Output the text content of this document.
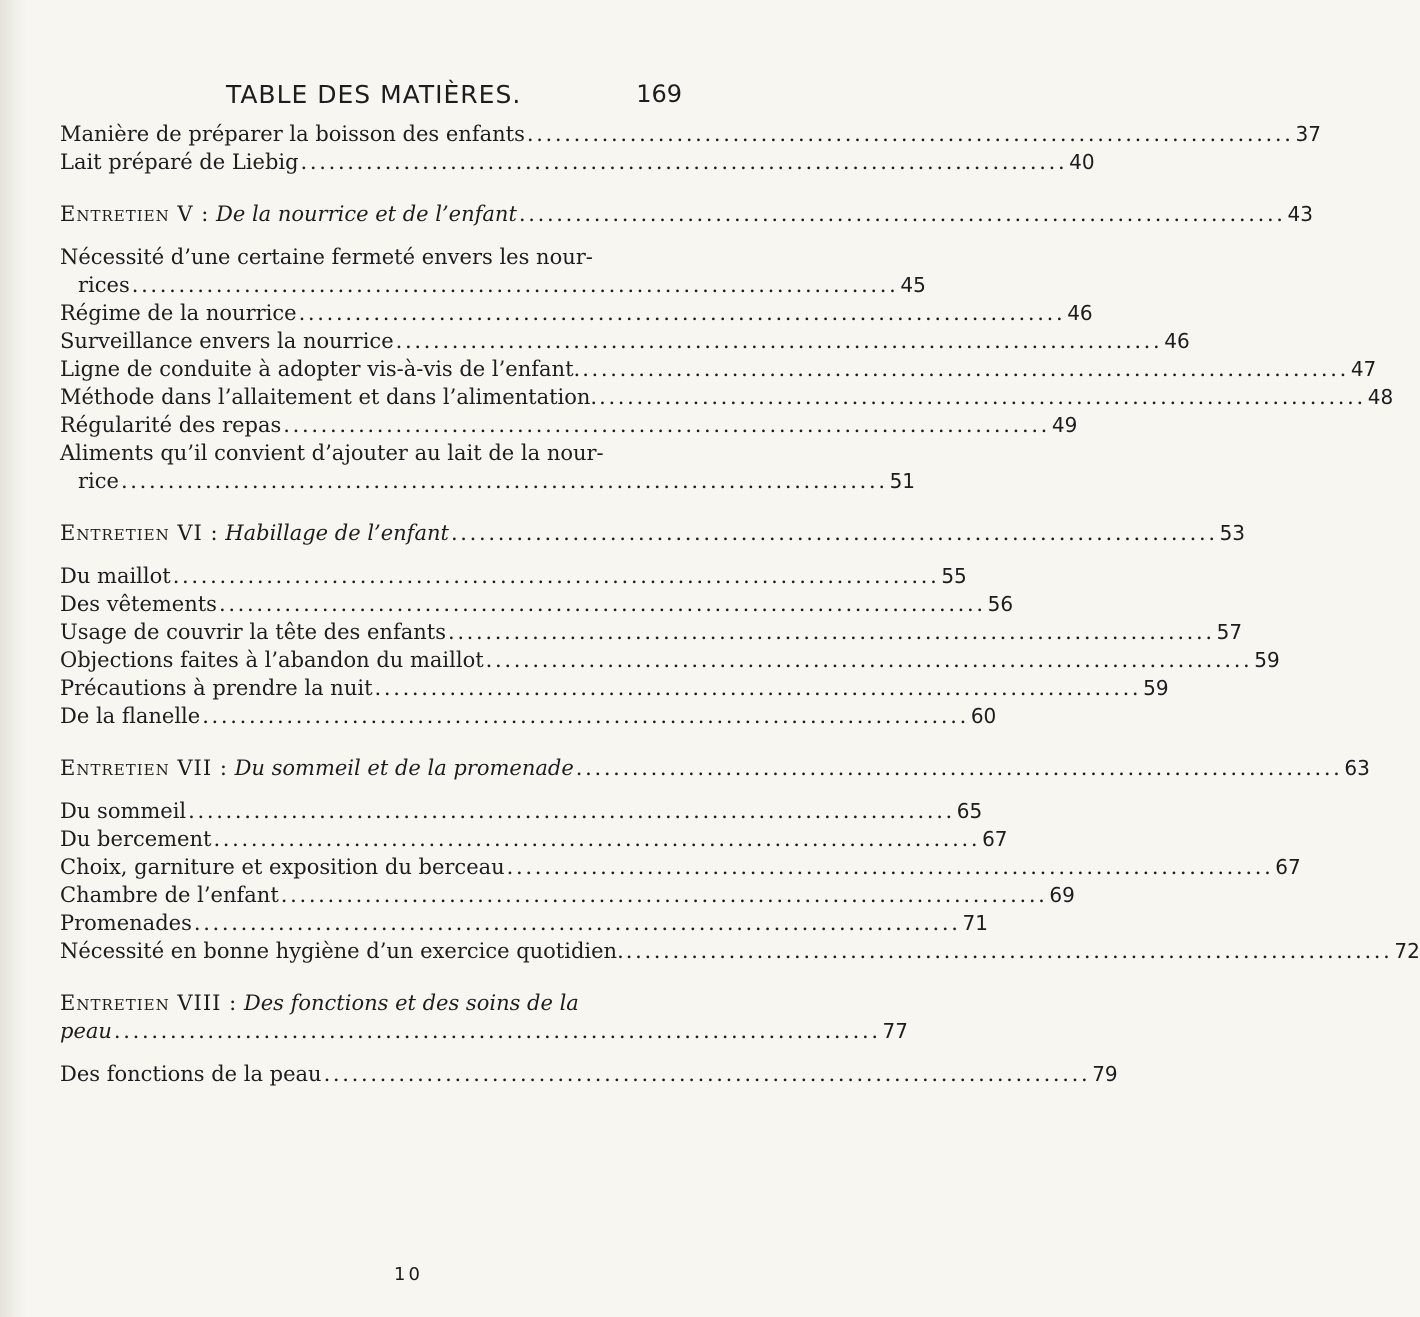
TABLE DES MATIÈRES.	169
Manière de préparer la boisson des enfants . . .	37
Lait préparé de Liebig . . .	40
Entretien V : De la nourrice et de l’enfant . . .	43
Nécessité d’une certaine fermeté envers les nour-
rices . . .	45
Régime de la nourrice . . .	46
Surveillance envers la nourrice . . .	46
Ligne de conduite à adopter vis-à-vis de l’enfant. . . .	47
Méthode dans l’allaitement et dans l’alimentation. . . .	48
Régularité des repas . . .	49
Aliments qu’il convient d’ajouter au lait de la nour-
rice . . .	51
Entretien VI : Habillage de l’enfant . . .	53
Du maillot . . .	55
Des vêtements . . .	56
Usage de couvrir la tête des enfants . . .	57
Objections faites à l’abandon du maillot . . .	59
Précautions à prendre la nuit . . .	59
De la flanelle . . .	60
Entretien VII : Du sommeil et de la promenade . . .	63
Du sommeil . . .	65
Du bercement . . .	67
Choix, garniture et exposition du berceau . . .	67
Chambre de l’enfant . . .	69
Promenades . . .	71
Nécessité en bonne hygiène d’un exercice quotidien. . . .	72
Entretien VIII : Des fonctions et des soins de la
peau . . .	77
Des fonctions de la peau . . .	79
10
